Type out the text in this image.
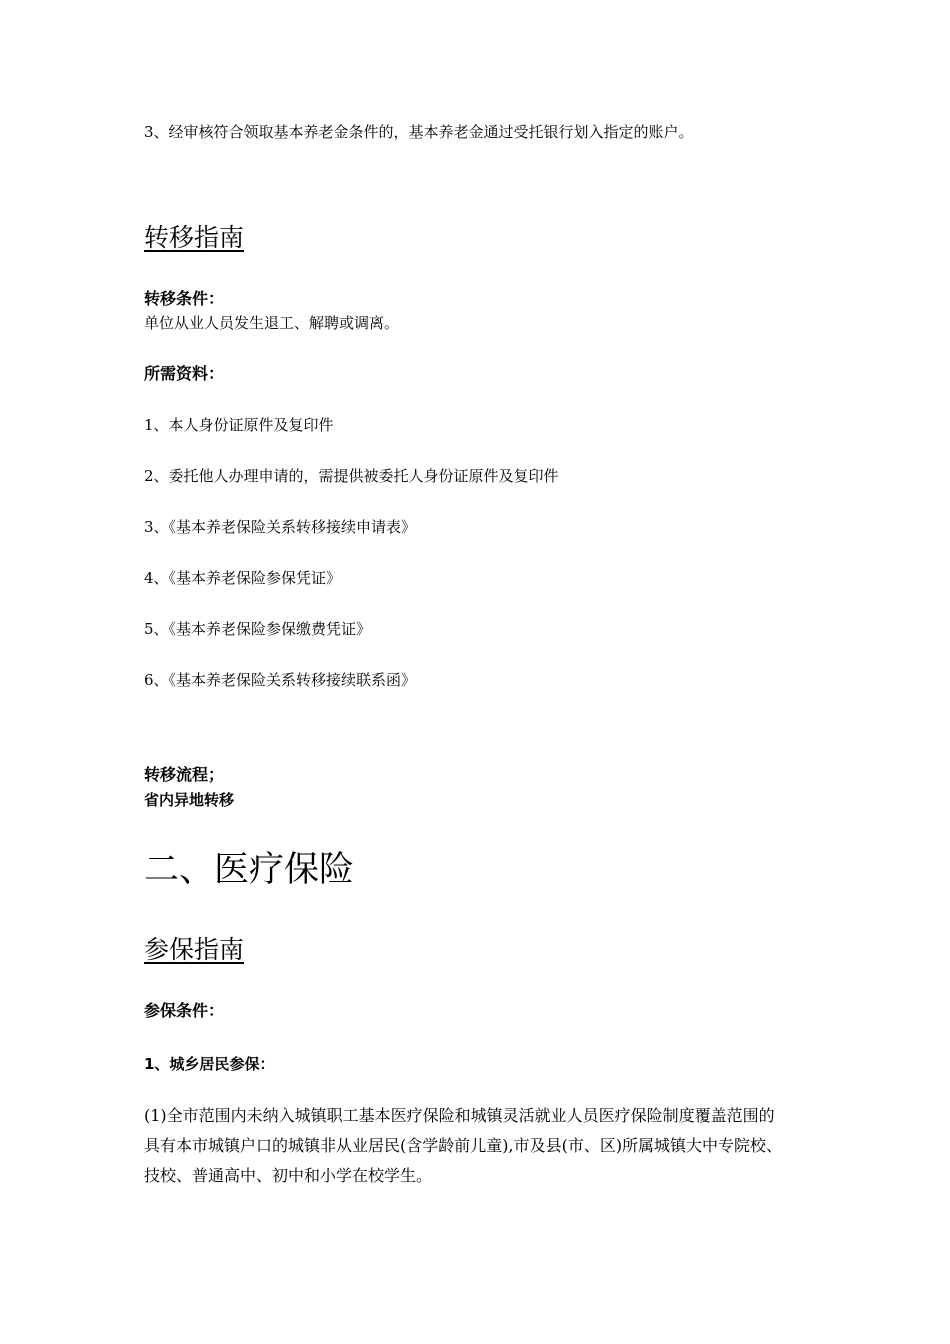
3、经审核符合领取基本养老金条件的，基本养老金通过受托银行划入指定的账户。
转移指南
转移条件：
单位从业人员发生退工、解聘或调离。
所需资料：
1、本人身份证原件及复印件
2、委托他人办理申请的，需提供被委托人身份证原件及复印件
3、《基本养老保险关系转移接续申请表》
4、《基本养老保险参保凭证》
5、《基本养老保险参保缴费凭证》
6、《基本养老保险关系转移接续联系函》
转移流程；
省内异地转移
二、医疗保险
参保指南
参保条件：
1、城乡居民参保：
(1)全市范围内未纳入城镇职工基本医疗保险和城镇灵活就业人员医疗保险制度覆盖范围的
具有本市城镇户口的城镇非从业居民(含学龄前儿童),市及县(市、区)所属城镇大中专院校、
技校、普通高中、初中和小学在校学生。
